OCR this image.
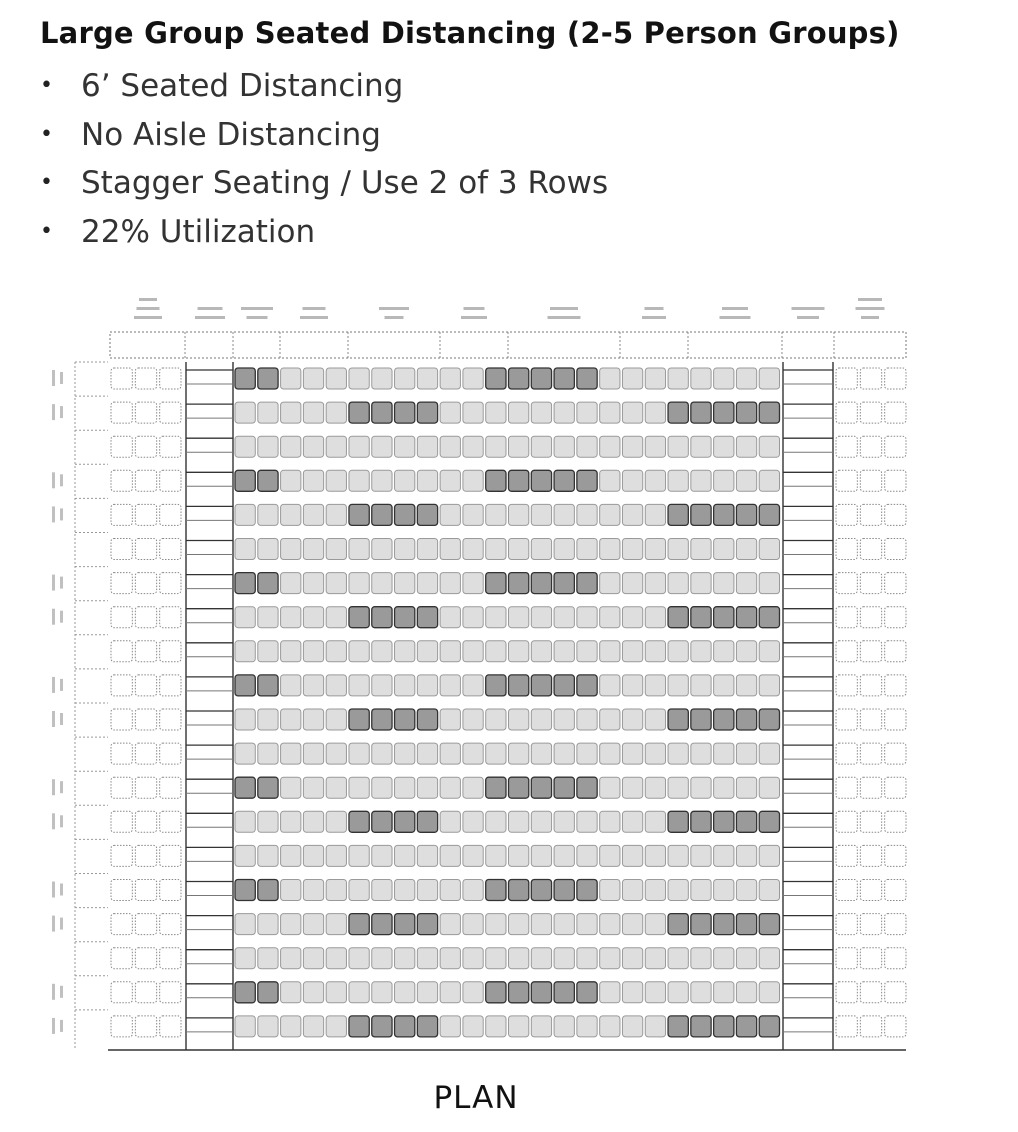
Large Group Seated Distancing (2-5 Person Groups)
• 6’ Seated Distancing
• No Aisle Distancing
• Stagger Seating / Use 2 of 3 Rows
• 22% Utilization
PLAN
